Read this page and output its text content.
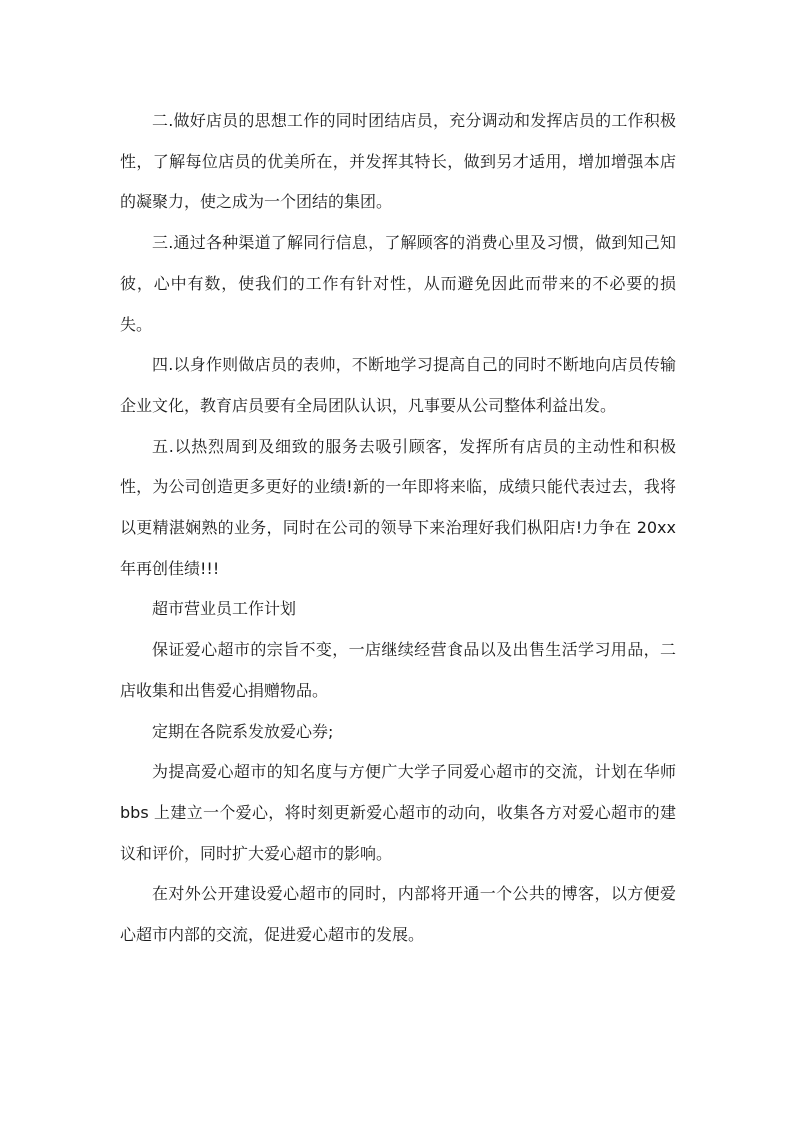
二.做好店员的思想工作的同时团结店员，充分调动和发挥店员的工作积极性，了解每位店员的优美所在，并发挥其特长，做到另才适用，增加增强本店的凝聚力，使之成为一个团结的集团。

三.通过各种渠道了解同行信息，了解顾客的消费心里及习惯，做到知己知彼，心中有数，使我们的工作有针对性，从而避免因此而带来的不必要的损失。

四.以身作则做店员的表帅，不断地学习提高自己的同时不断地向店员传输企业文化，教育店员要有全局团队认识，凡事要从公司整体利益出发。

五.以热烈周到及细致的服务去吸引顾客，发挥所有店员的主动性和积极性，为公司创造更多更好的业绩!新的一年即将来临，成绩只能代表过去，我将以更精湛娴熟的业务，同时在公司的领导下来治理好我们枞阳店!力争在 20xx 年再创佳绩!!!

超市营业员工作计划

保证爱心超市的宗旨不变，一店继续经营食品以及出售生活学习用品，二店收集和出售爱心捐赠物品。

定期在各院系发放爱心券;

为提高爱心超市的知名度与方便广大学子同爱心超市的交流，计划在华师 bbs 上建立一个爱心，将时刻更新爱心超市的动向，收集各方对爱心超市的建议和评价，同时扩大爱心超市的影响。

在对外公开建设爱心超市的同时，内部将开通一个公共的博客，以方便爱心超市内部的交流，促进爱心超市的发展。
